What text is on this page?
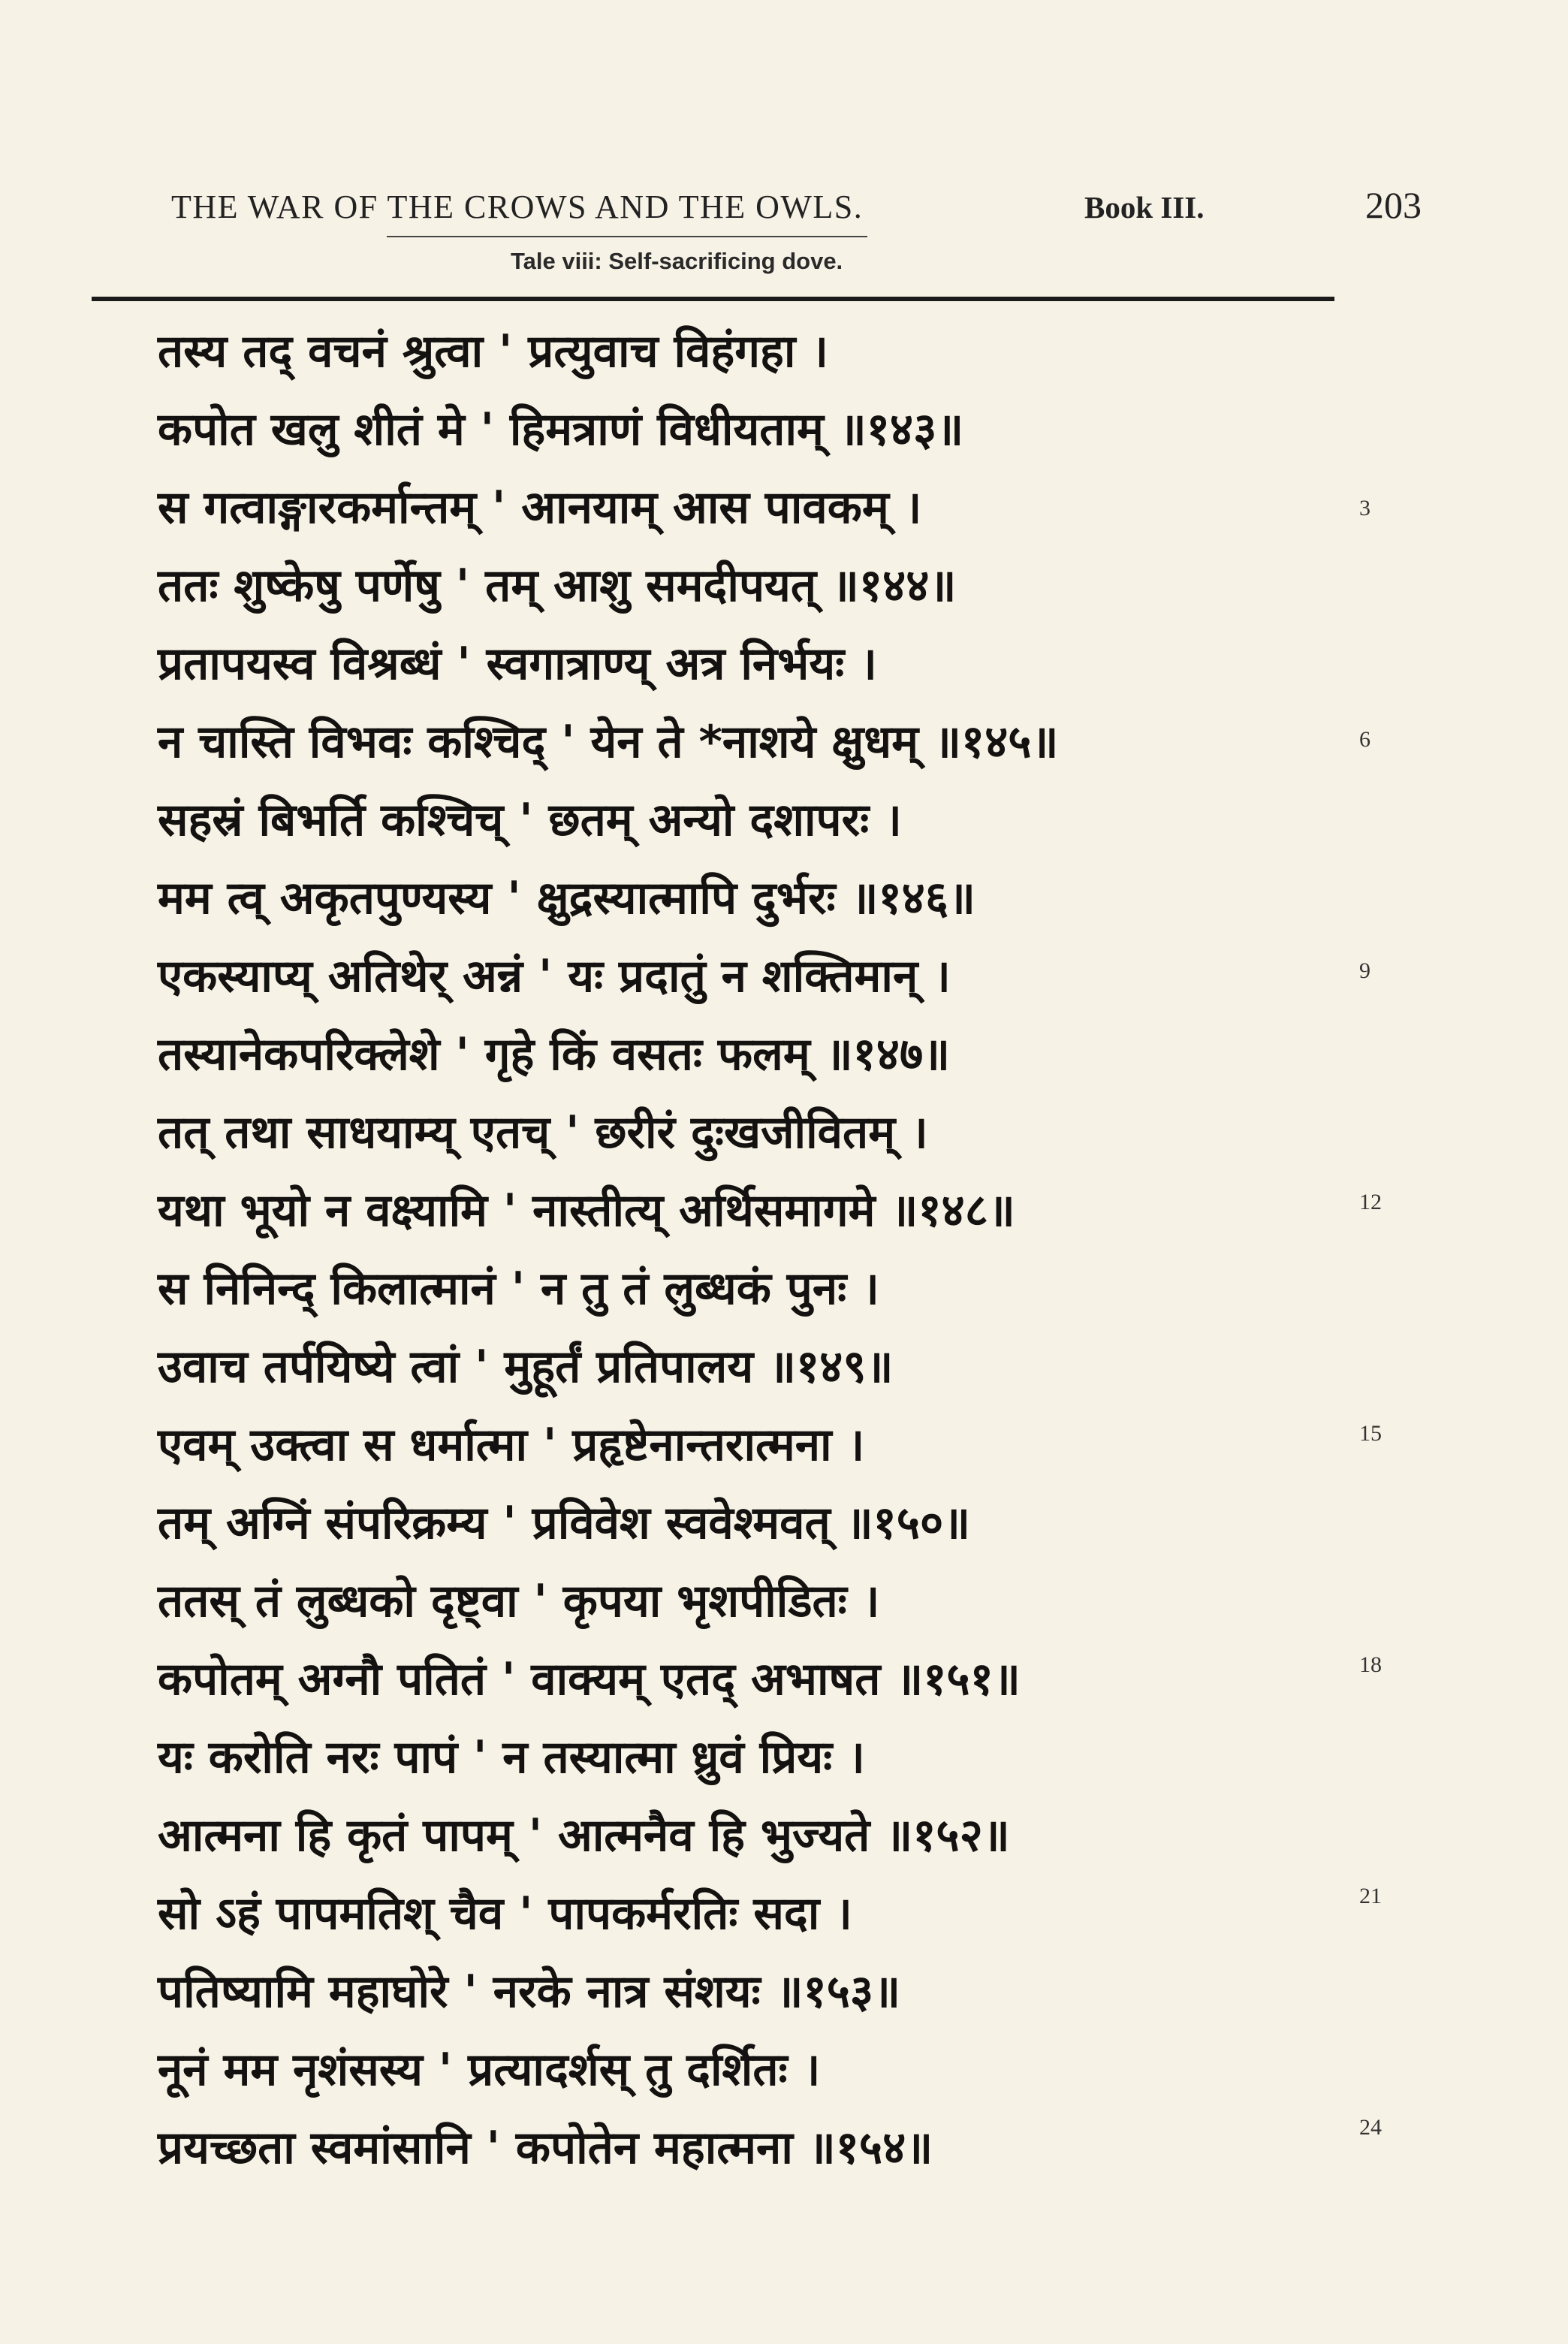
THE WAR OF THE CROWS AND THE OWLS.	Book III.	203
Tale viii: Self-sacrificing dove.
तस्य तद् वचनं श्रुत्वा ' प्रत्युवाच विहंगहा ।
कपोत खलु शीतं मे ' हिमत्राणं विधीयताम् ॥१४३॥
स गत्वाङ्गारकर्मान्तम् ' आनयाम् आस पावकम् ।
ततः शुष्केषु पर्णेषु ' तम् आशु समदीपयत् ॥१४४॥
प्रतापयस्व विश्रब्धं ' स्वगात्राण्य् अत्र निर्भयः ।
न चास्ति विभवः कश्चिद् ' येन ते *नाशये क्षुधम् ॥१४५॥
सहस्रं बिभर्ति कश्चिच् ' छतम् अन्यो दशापरः ।
मम त्व् अकृतपुण्यस्य ' क्षुद्रस्यात्मापि दुर्भरः ॥१४६॥
एकस्याप्य् अतिथेर् अन्नं ' यः प्रदातुं न शक्तिमान् ।
तस्यानेकपरिक्लेशे ' गृहे किं वसतः फलम् ॥१४७॥
तत् तथा साधयाम्य् एतच् ' छरीरं दुःखजीवितम् ।
यथा भूयो न वक्ष्यामि ' नास्तीत्य् अर्थिसमागमे ॥१४८॥
स निनिन्द् किलात्मानं ' न तु तं लुब्धकं पुनः ।
उवाच तर्पयिष्ये त्वां ' मुहूर्तं प्रतिपालय ॥१४९॥
एवम् उक्त्वा स धर्मात्मा ' प्रहृष्टेनान्तरात्मना ।
तम् अग्निं संपरिक्रम्य ' प्रविवेश स्ववेश्मवत् ॥१५०॥
ततस् तं लुब्धको दृष्ट्वा ' कृपया भृशपीडितः ।
कपोतम् अग्नौ पतितं ' वाक्यम् एतद् अभाषत ॥१५१॥
यः करोति नरः पापं ' न तस्यात्मा ध्रुवं प्रियः ।
आत्मना हि कृतं पापम् ' आत्मनैव हि भुज्यते ॥१५२॥
सो ऽहं पापमतिश् चैव ' पापकर्मरतिः सदा ।
पतिष्यामि महाघोरे ' नरके नात्र संशयः ॥१५३॥
नूनं मम नृशंसस्य ' प्रत्यादर्शस् तु दर्शितः ।
प्रयच्छता स्वमांसानि ' कपोतेन महात्मना ॥१५४॥
3
6
9
12
15
18
21
24
